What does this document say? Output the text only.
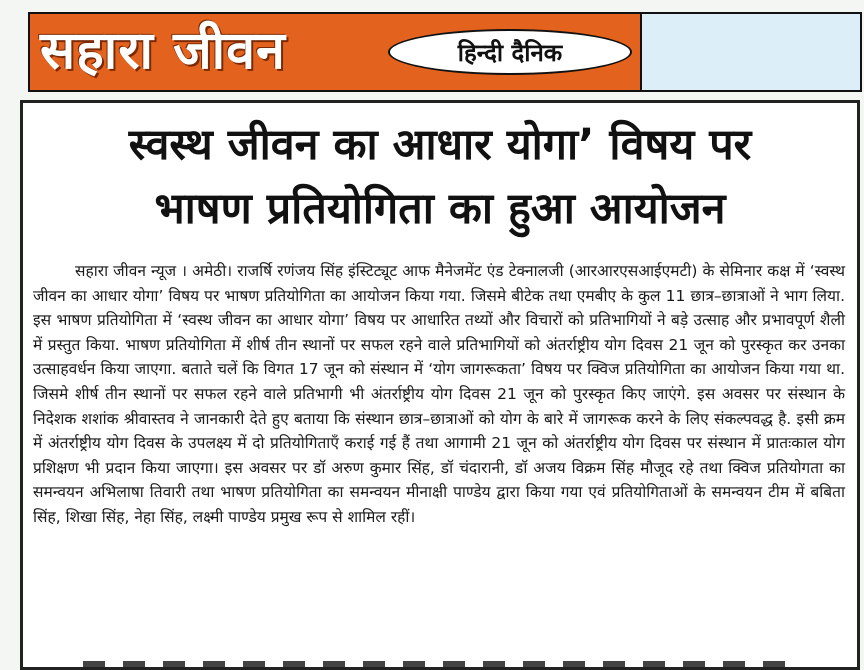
सहारा जीवन	हिन्दी दैनिक
स्वस्थ जीवन का आधार योगा’ विषय पर
भाषण प्रतियोगिता का हुआ आयोजन

सहारा जीवन न्यूज । अमेठी। राजर्षि रणंजय सिंह इंस्टिट्यूट आफ मैनेजमेंट एंड टेक्नालजी (आरआरएसआईएमटी) के सेमिनार कक्ष में ‘स्वस्थ जीवन का आधार योगा’ विषय पर भाषण प्रतियोगिता का आयोजन किया गया. जिसमे बीटेक तथा एमबीए के कुल 11 छात्र–छात्राओं ने भाग लिया. इस भाषण प्रतियोगिता में ‘स्वस्थ जीवन का आधार योगा’ विषय पर आधारित तथ्यों और विचारों को प्रतिभागियों ने बड़े उत्साह और प्रभावपूर्ण शैली में प्रस्तुत किया. भाषण प्रतियोगिता में शीर्ष तीन स्थानों पर सफल रहने वाले प्रतिभागियों को अंतर्राष्ट्रीय योग दिवस 21 जून को पुरस्कृत कर उनका उत्साहवर्धन किया जाएगा. बताते चलें कि विगत 17 जून को संस्थान में ‘योग जागरूकता’ विषय पर क्विज प्रतियोगिता का आयोजन किया गया था. जिसमे शीर्ष तीन स्थानों पर सफल रहने वाले प्रतिभागी भी अंतर्राष्ट्रीय योग दिवस 21 जून को पुरस्कृत किए जाएंगे. इस अवसर पर संस्थान के निदेशक शशांक श्रीवास्तव ने जानकारी देते हुए बताया कि संस्थान छात्र–छात्राओं को योग के बारे में जागरूक करने के लिए संकल्पवद्ध है. इसी क्रम में अंतर्राष्ट्रीय योग दिवस के उपलक्ष्य में दो प्रतियोगिताएँ कराई गई हैं तथा आगामी 21 जून को अंतर्राष्ट्रीय योग दिवस पर संस्थान में प्रातःकाल योग प्रशिक्षण भी प्रदान किया जाएगा। इस अवसर पर डॉ अरुण कुमार सिंह, डॉ चंदारानी, डॉ अजय विक्रम सिंह मौजूद रहे तथा क्विज प्रतियोगता का समन्वयन अभिलाषा तिवारी तथा भाषण प्रतियोगिता का समन्वयन मीनाक्षी पाण्डेय द्वारा किया गया एवं प्रतियोगिताओं के समन्वयन टीम में बबिता सिंह, शिखा सिंह, नेहा सिंह, लक्ष्मी पाण्डेय प्रमुख रूप से शामिल रहीं।
